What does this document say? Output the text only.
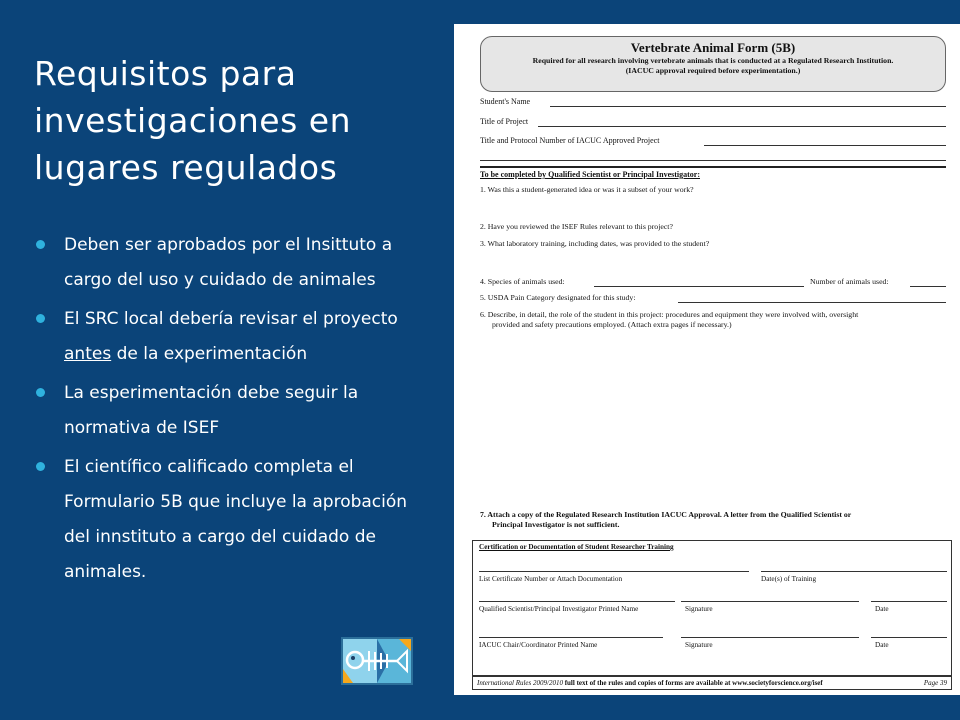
Requisitos para
investigaciones en
lugares regulados
Deben ser aprobados por el Insittuto a cargo del uso y cuidado de animales
El SRC local debería revisar el proyecto antes de la experimentación
La esperimentación debe seguir la normativa de ISEF
El científico calificado completa el Formulario 5B que incluye la aprobación del innstituto a cargo del cuidado de animales.
Vertebrate Animal Form (5B)
Required for all research involving vertebrate animals that is conducted at a Regulated Research Institution.
(IACUC approval required before experimentation.)
Student's Name
Title of Project
Title and Protocol Number of IACUC Approved Project
To be completed by Qualified Scientist or Principal Investigator:
1. Was this a student-generated idea or was it a subset of your work?
2. Have you reviewed the ISEF Rules relevant to this project?
3. What laboratory training, including dates, was provided to the student?
4. Species of animals used:	Number of animals used:
5. USDA Pain Category designated for this study:
6. Describe, in detail, the role of the student in this project: procedures and equipment they were involved with, oversight
provided and safety precautions employed. (Attach extra pages if necessary.)
7. Attach a copy of the Regulated Research Institution IACUC Approval. A letter from the Qualified Scientist or
Principal Investigator is not sufficient.
Certification or Documentation of Student Researcher Training
List Certificate Number or Attach Documentation	Date(s) of Training
Qualified Scientist/Principal Investigator Printed Name	Signature	Date
IACUC Chair/Coordinator Printed Name	Signature	Date
International Rules 2009/2010 full text of the rules and copies of forms are available at www.societyforscience.org/isef	Page 39
